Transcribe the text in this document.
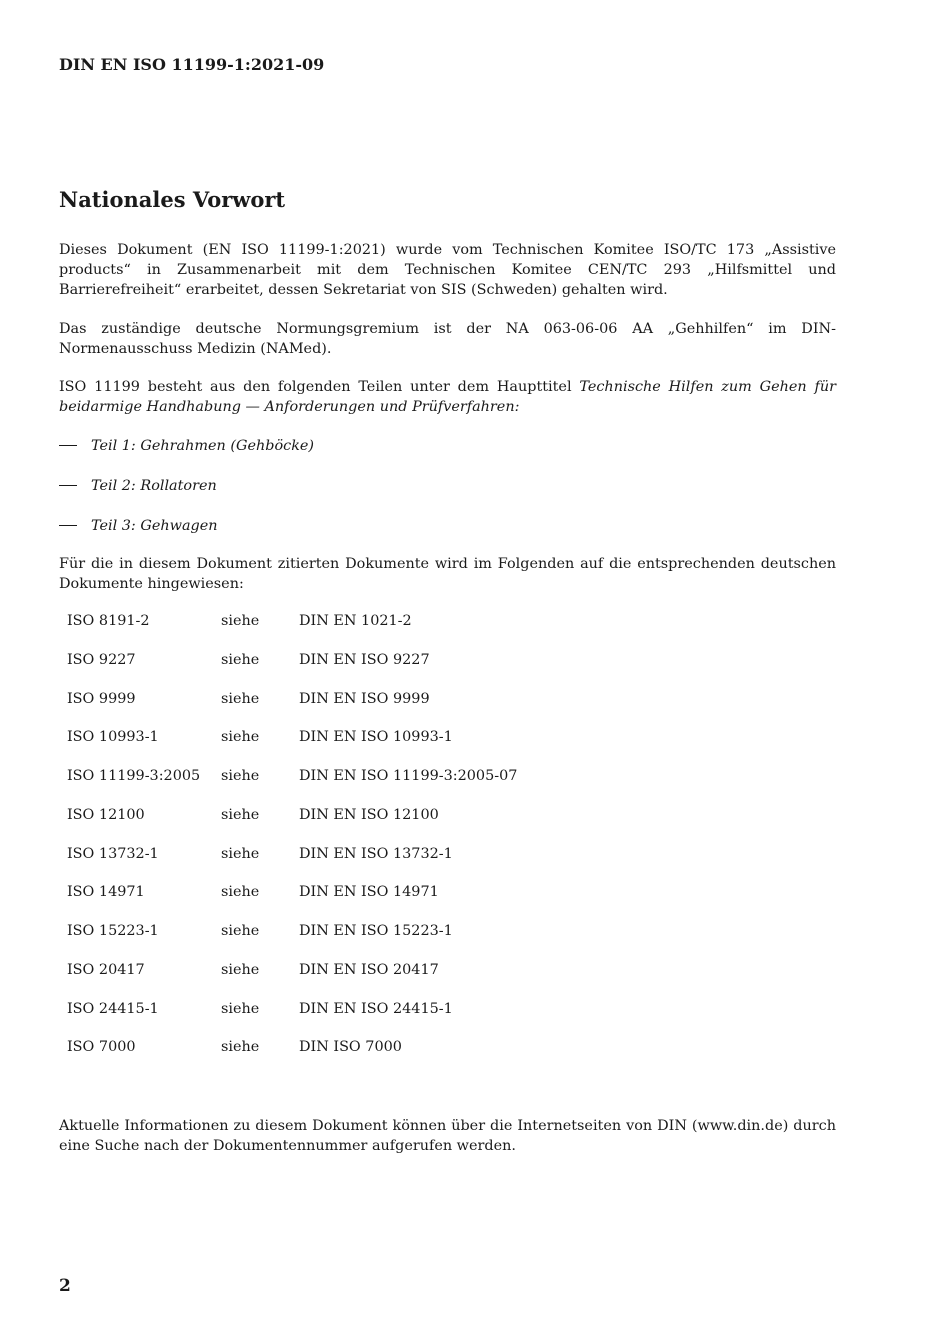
DIN EN ISO 11199-1:2021-09
Nationales Vorwort

Dieses Dokument (EN ISO 11199-1:2021) wurde vom Technischen Komitee ISO/TC 173 „Assistive products“ in Zusammenarbeit mit dem Technischen Komitee CEN/TC 293 „Hilfsmittel und Barrierefreiheit“ erarbeitet, dessen Sekretariat von SIS (Schweden) gehalten wird.

Das zuständige deutsche Normungsgremium ist der NA 063-06-06 AA „Gehhilfen“ im DIN-Normenausschuss Medizin (NAMed).

ISO 11199 besteht aus den folgenden Teilen unter dem Haupttitel Technische Hilfen zum Gehen für beidarmige Handhabung — Anforderungen und Prüfverfahren:

Teil 1: Gehrahmen (Gehböcke)
Teil 2: Rollatoren
Teil 3: Gehwagen

Für die in diesem Dokument zitierten Dokumente wird im Folgenden auf die entsprechenden deutschen Dokumente hingewiesen:

ISO 8191-2	siehe	DIN EN 1021-2
ISO 9227	siehe	DIN EN ISO 9227
ISO 9999	siehe	DIN EN ISO 9999
ISO 10993-1	siehe	DIN EN ISO 10993-1
ISO 11199-3:2005 siehe	DIN EN ISO 11199-3:2005-07
ISO 12100	siehe	DIN EN ISO 12100
ISO 13732-1	siehe	DIN EN ISO 13732-1
ISO 14971	siehe	DIN EN ISO 14971
ISO 15223-1	siehe	DIN EN ISO 15223-1
ISO 20417	siehe	DIN EN ISO 20417
ISO 24415-1	siehe	DIN EN ISO 24415-1
ISO 7000	siehe	DIN ISO 7000

Aktuelle Informationen zu diesem Dokument können über die Internetseiten von DIN (www.din.de) durch eine Suche nach der Dokumentennummer aufgerufen werden.

2
